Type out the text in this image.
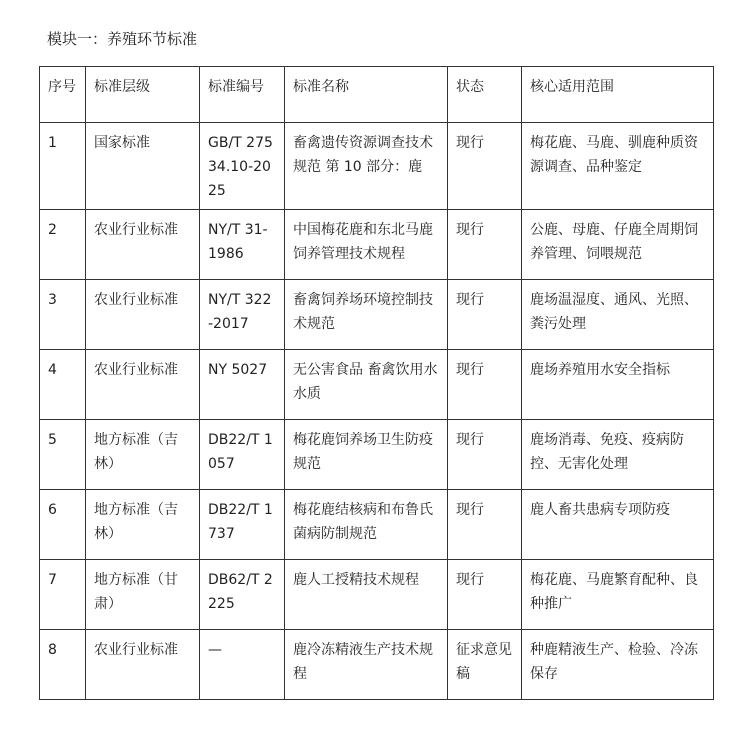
模块一：养殖环节标准
序号	标准层级	标准编号	标准名称	状态	核心适用范围
1	国家标准	GB/T 27534.10-2025	畜禽遗传资源调查技术规范 第 10 部分：鹿	现行	梅花鹿、马鹿、驯鹿种质资源调查、品种鉴定
2	农业行业标准	NY/T 31-1986	中国梅花鹿和东北马鹿饲养管理技术规程	现行	公鹿、母鹿、仔鹿全周期饲养管理、饲喂规范
3	农业行业标准	NY/T 322-2017	畜禽饲养场环境控制技术规范	现行	鹿场温湿度、通风、光照、粪污处理
4	农业行业标准	NY 5027	无公害食品 畜禽饮用水水质	现行	鹿场养殖用水安全指标
5	地方标准（吉林）	DB22/T 1057	梅花鹿饲养场卫生防疫规范	现行	鹿场消毒、免疫、疫病防控、无害化处理
6	地方标准（吉林）	DB22/T 1737	梅花鹿结核病和布鲁氏菌病防制规范	现行	鹿人畜共患病专项防疫
7	地方标准（甘肃）	DB62/T 2225	鹿人工授精技术规程	现行	梅花鹿、马鹿繁育配种、良种推广
8	农业行业标准	—	鹿冷冻精液生产技术规程	征求意见稿	种鹿精液生产、检验、冷冻保存
